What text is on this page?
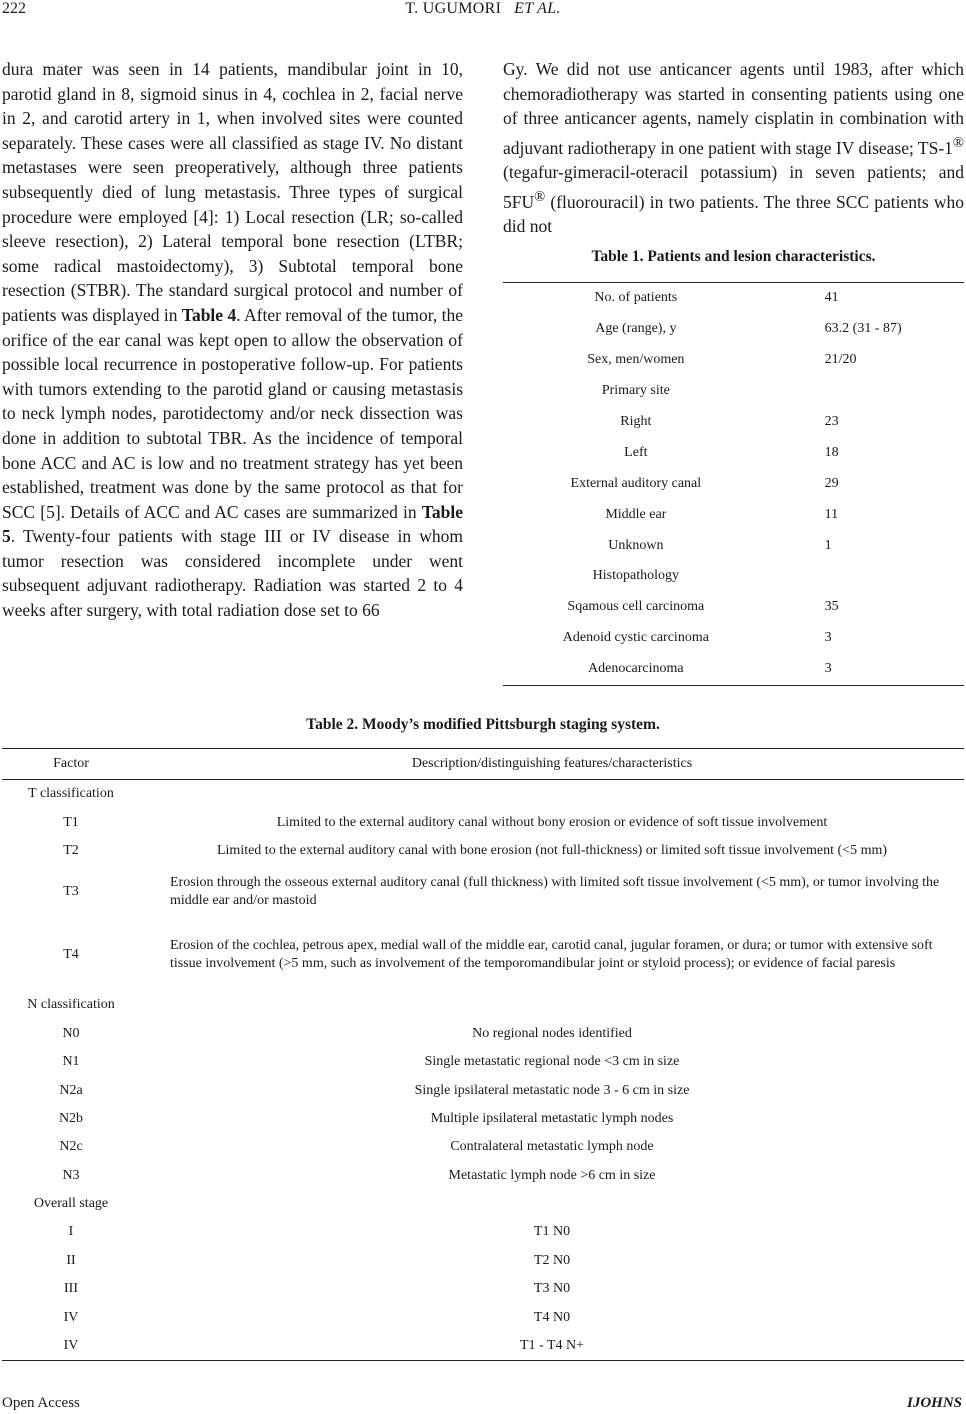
222	T. UGUMORI ET AL.

dura mater was seen in 14 patients, mandibular joint in 10, parotid gland in 8, sigmoid sinus in 4, cochlea in 2, facial nerve in 2, and carotid artery in 1, when involved sites were counted separately. These cases were all classified as stage IV. No distant metastases were seen preoperatively, although three patients subsequently died of lung metastasis. Three types of surgical procedure were employed [4]: 1) Local resection (LR; so-called sleeve resection), 2) Lateral temporal bone resection (LTBR; some radical mastoidectomy), 3) Subtotal temporal bone resection (STBR). The standard surgical protocol and number of patients was displayed in Table 4. After removal of the tumor, the orifice of the ear canal was kept open to allow the observation of possible local recurrence in postoperative follow-up. For patients with tumors extending to the parotid gland or causing metastasis to neck lymph nodes, parotidectomy and/or neck dissection was done in addition to subtotal TBR. As the incidence of temporal bone ACC and AC is low and no treatment strategy has yet been established, treatment was done by the same protocol as that for SCC [5]. Details of ACC and AC cases are summarized in Table 5. Twenty-four patients with stage III or IV disease in whom tumor resection was considered incomplete under went subsequent adjuvant radiotherapy. Radiation was started 2 to 4 weeks after surgery, with total radiation dose set to 66

Gy. We did not use anticancer agents until 1983, after which chemoradiotherapy was started in consenting patients using one of three anticancer agents, namely cisplatin in combination with adjuvant radiotherapy in one patient with stage IV disease; TS-1® (tegafur-gimeracil-oteracil potassium) in seven patients; and 5FU® (fluorouracil) in two patients. The three SCC patients who did not

Table 1. Patients and lesion characteristics.
No. of patients	41
Age (range), y	63.2 (31 - 87)
Sex, men/women	21/20
Primary site	
Right	23
Left	18
External auditory canal	29
Middle ear	11
Unknown	1
Histopathology	
Sqamous cell carcinoma	35
Adenoid cystic carcinoma	3
Adenocarcinoma	3
Table 2. Moody’s modified Pittsburgh staging system.
Factor	Description/distinguishing features/characteristics
T classification	
T1	Limited to the external auditory canal without bony erosion or evidence of soft tissue involvement
T2	Limited to the external auditory canal with bone erosion (not full-thickness) or limited soft tissue involvement (<5 mm)
T3	Erosion through the osseous external auditory canal (full thickness) with limited soft tissue involvement (<5 mm), or tumor involving the middle ear and/or mastoid
T4	Erosion of the cochlea, petrous apex, medial wall of the middle ear, carotid canal, jugular foramen, or dura; or tumor with extensive soft tissue involvement (>5 mm, such as involvement of the temporomandibular joint or styloid process); or evidence of facial paresis
N classification	
N0	No regional nodes identified
N1	Single metastatic regional node <3 cm in size
N2a	Single ipsilateral metastatic node 3 - 6 cm in size
N2b	Multiple ipsilateral metastatic lymph nodes
N2c	Contralateral metastatic lymph node
N3	Metastatic lymph node >6 cm in size
Overall stage	
I	T1 N0
II	T2 N0
III	T3 N0
IV	T4 N0
IV	T1 - T4 N+
Open Access	IJOHNS
